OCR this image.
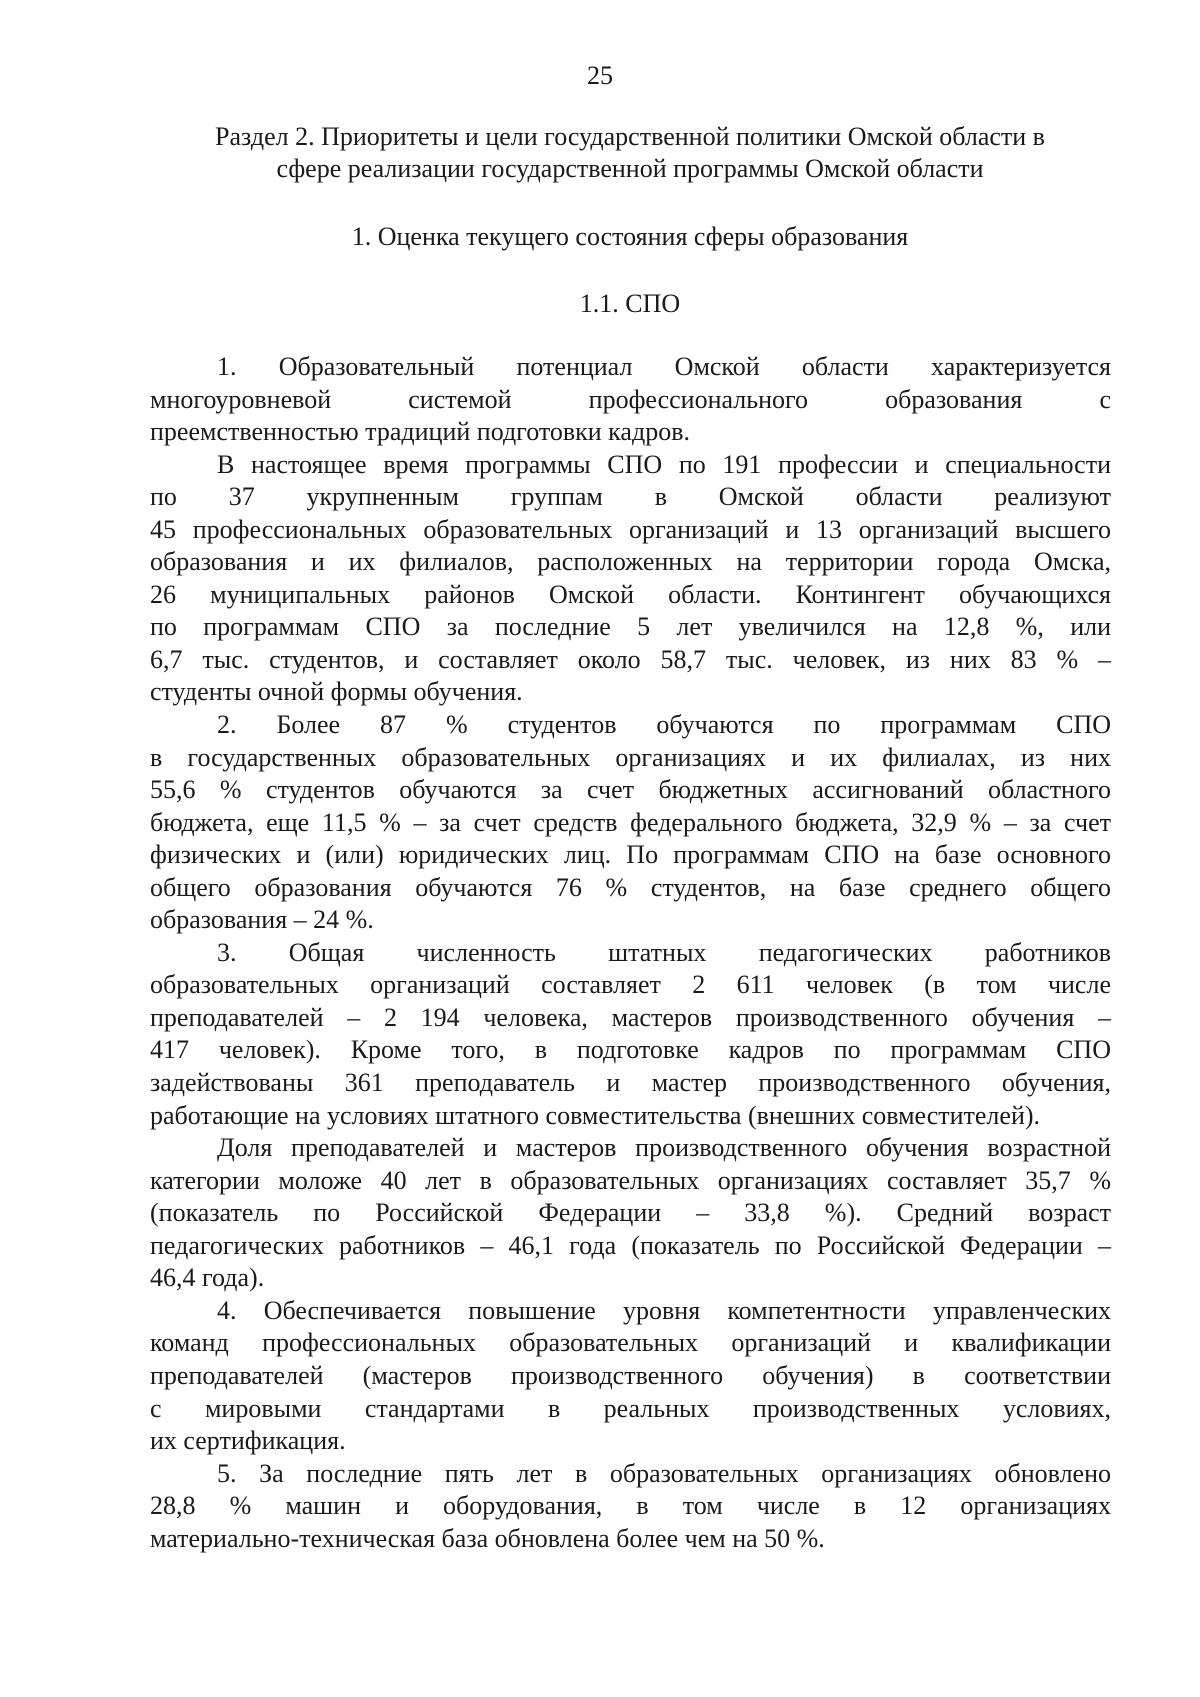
25
Раздел 2. Приоритеты и цели государственной политики Омской области в
сфере реализации государственной программы Омской области
1. Оценка текущего состояния сферы образования
1.1. СПО
1. Образовательный потенциал Омской области характеризуется
многоуровневой системой профессионального образования с
преемственностью традиций подготовки кадров.
В настоящее время программы СПО по 191 профессии и специальности
по 37 укрупненным группам в Омской области реализуют
45 профессиональных образовательных организаций и 13 организаций высшего
образования и их филиалов, расположенных на территории города Омска,
26 муниципальных районов Омской области. Контингент обучающихся
по программам СПО за последние 5 лет увеличился на 12,8 %, или
6,7 тыс. студентов, и составляет около 58,7 тыс. человек, из них 83 % –
студенты очной формы обучения.
2. Более 87 % студентов обучаются по программам СПО
в государственных образовательных организациях и их филиалах, из них
55,6 % студентов обучаются за счет бюджетных ассигнований областного
бюджета, еще 11,5 % – за счет средств федерального бюджета, 32,9 % – за счет
физических и (или) юридических лиц. По программам СПО на базе основного
общего образования обучаются 76 % студентов, на базе среднего общего
образования – 24 %.
3. Общая численность штатных педагогических работников
образовательных организаций составляет 2 611 человек (в том числе
преподавателей – 2 194 человека, мастеров производственного обучения –
417 человек). Кроме того, в подготовке кадров по программам СПО
задействованы 361 преподаватель и мастер производственного обучения,
работающие на условиях штатного совместительства (внешних совместителей).
Доля преподавателей и мастеров производственного обучения возрастной
категории моложе 40 лет в образовательных организациях составляет 35,7 %
(показатель по Российской Федерации – 33,8 %). Средний возраст
педагогических работников – 46,1 года (показатель по Российской Федерации –
46,4 года).
4. Обеспечивается повышение уровня компетентности управленческих
команд профессиональных образовательных организаций и квалификации
преподавателей (мастеров производственного обучения) в соответствии
с мировыми стандартами в реальных производственных условиях,
их сертификация.
5. За последние пять лет в образовательных организациях обновлено
28,8 % машин и оборудования, в том числе в 12 организациях
материально-техническая база обновлена более чем на 50 %.
